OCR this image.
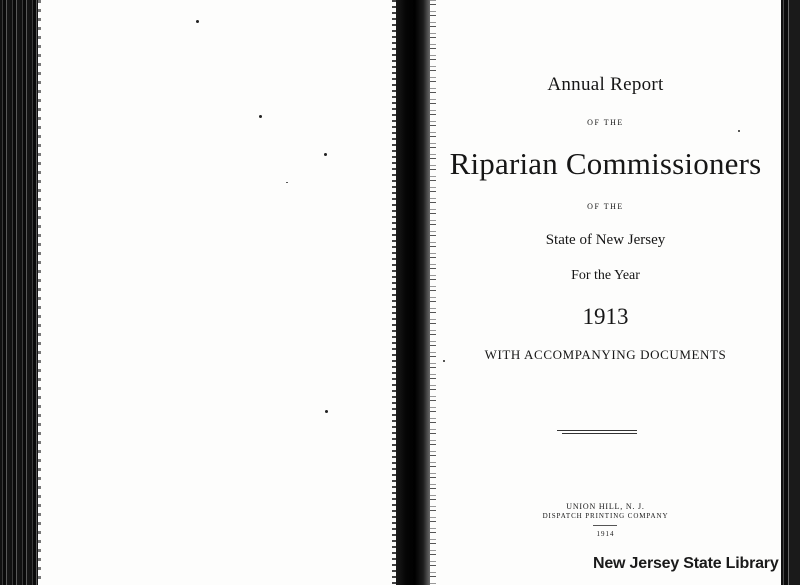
Annual Report
OF THE
Riparian Commissioners
OF THE
State of New Jersey
For the Year
1913
WITH ACCOMPANYING DOCUMENTS
UNION HILL, N. J.
DISPATCH PRINTING COMPANY
1914
New Jersey State Library
